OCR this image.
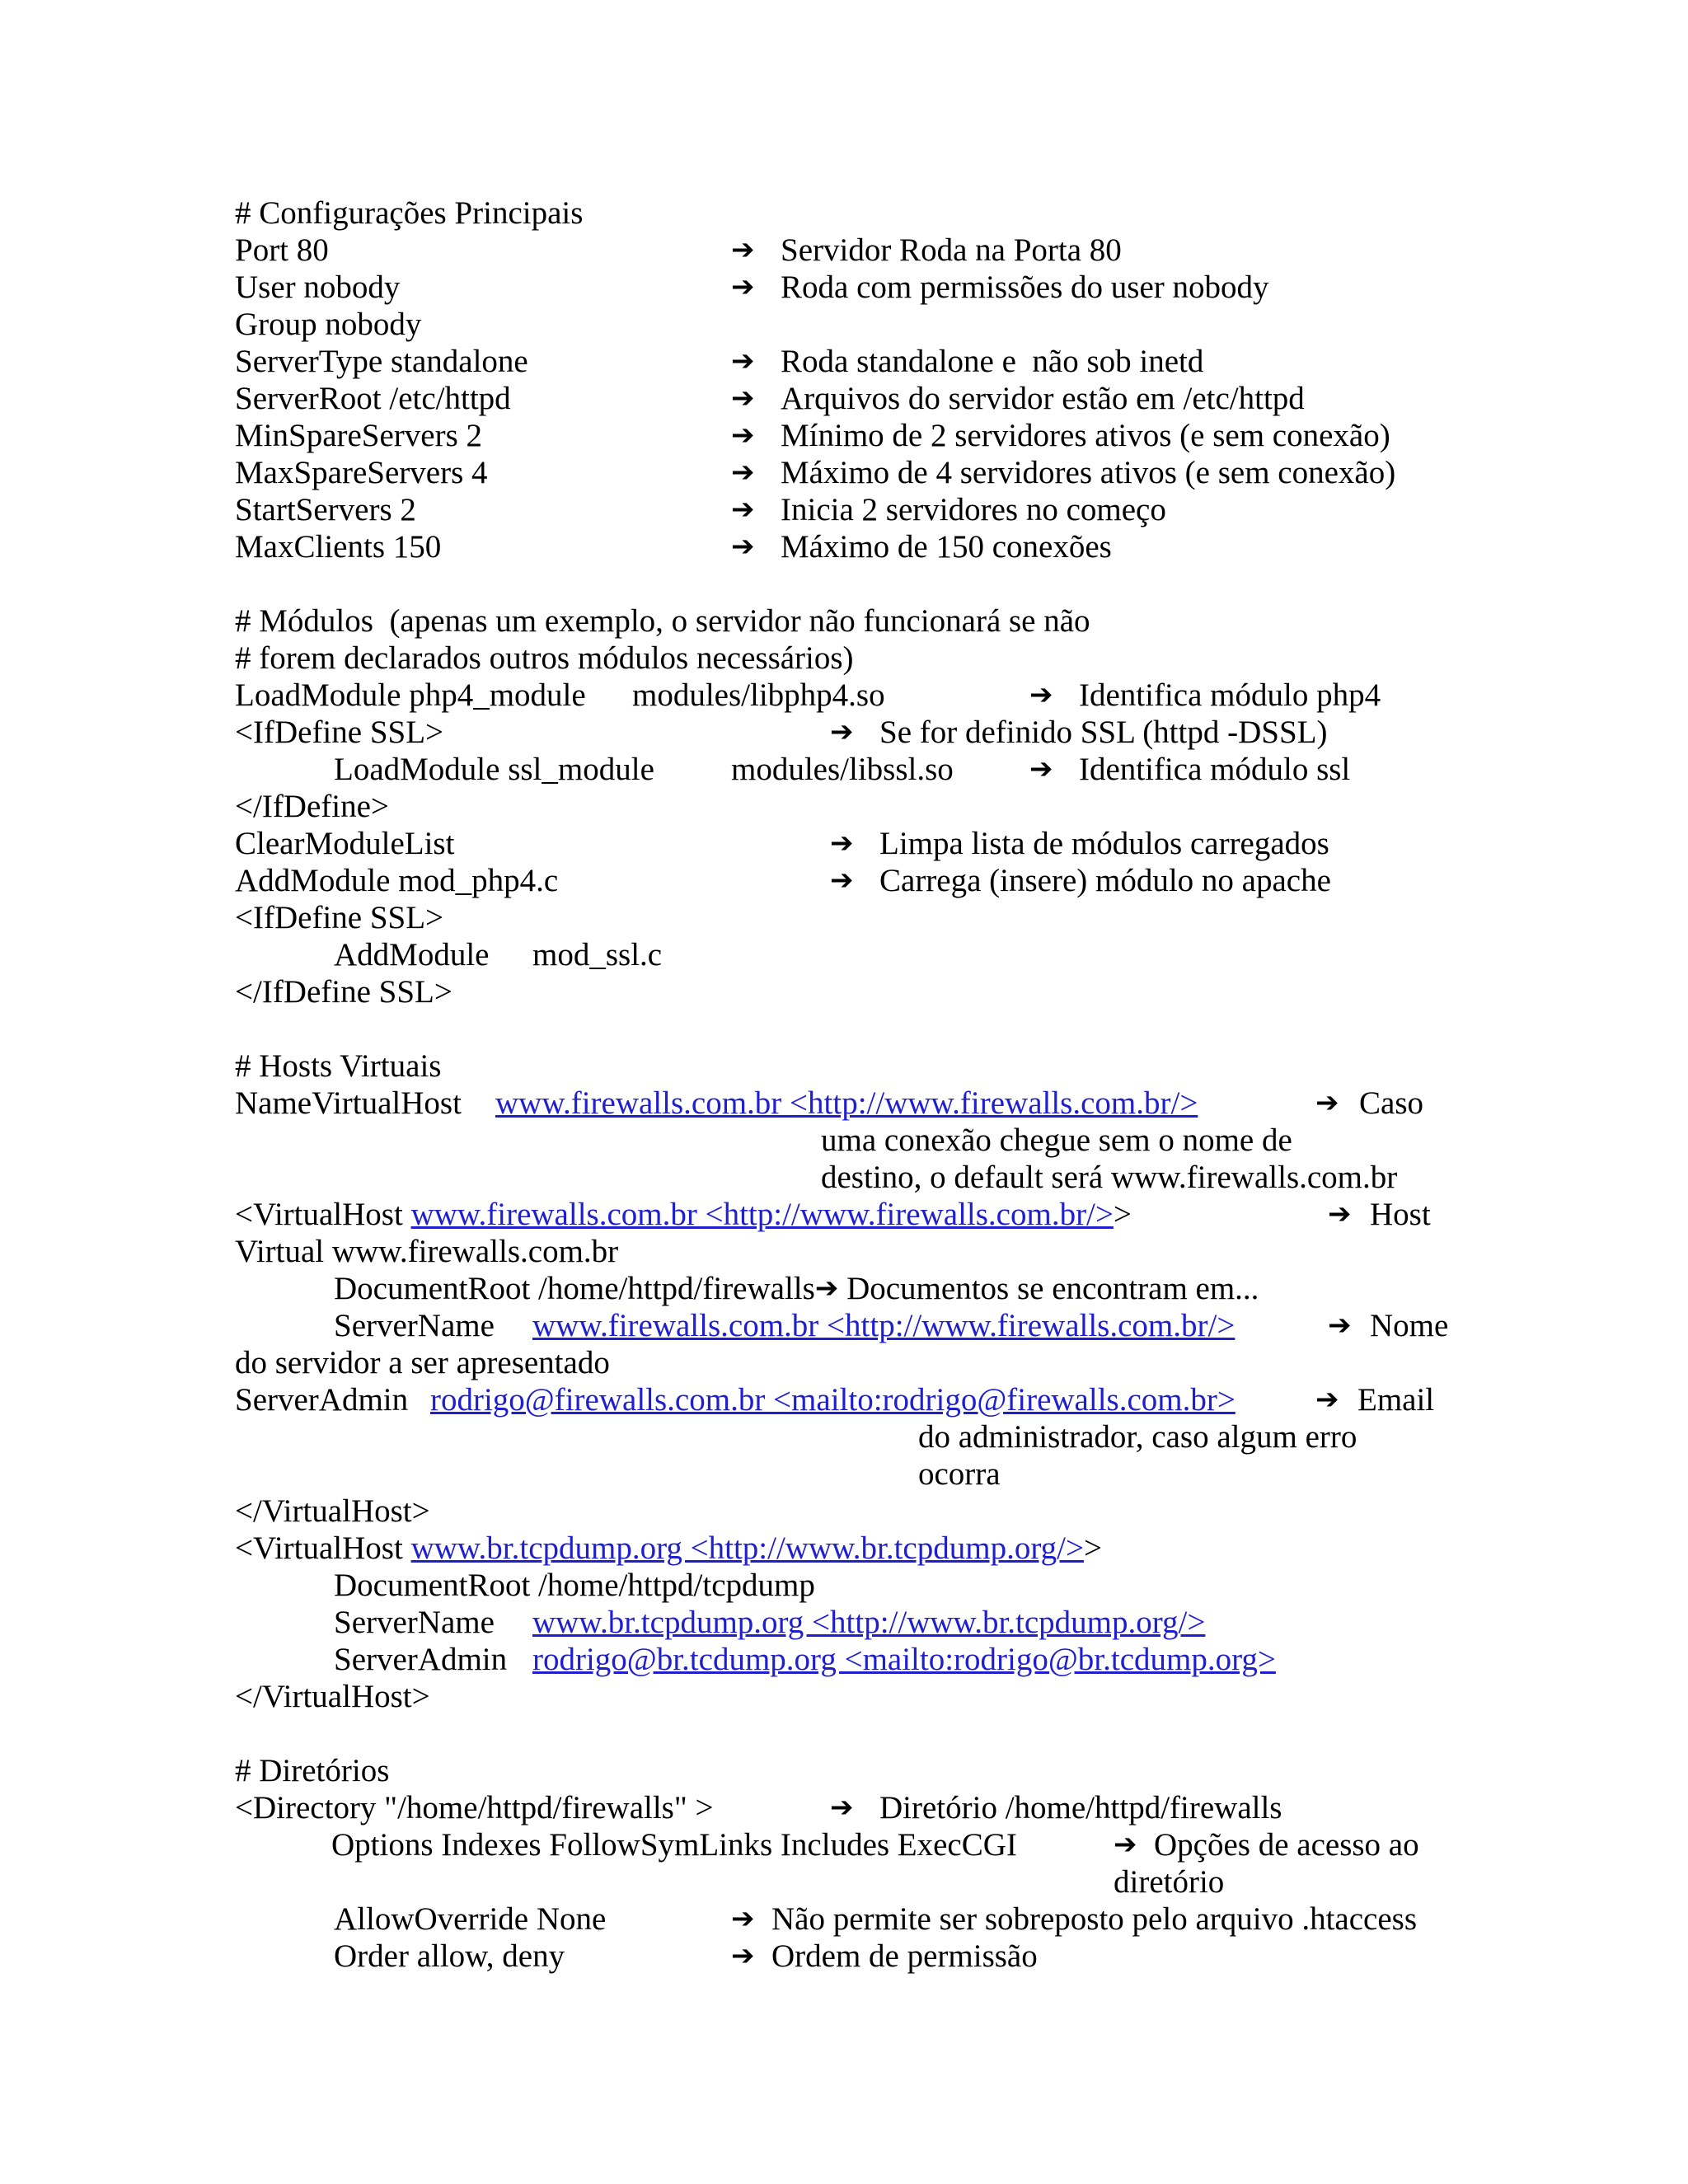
# Configurações Principais
Port 80	➔ Servidor Roda na Porta 80
User nobody	➔ Roda com permissões do user nobody
Group nobody
ServerType standalone	➔ Roda standalone e  não sob inetd
ServerRoot /etc/httpd	➔ Arquivos do servidor estão em /etc/httpd
MinSpareServers 2	➔ Mínimo de 2 servidores ativos (e sem conexão)
MaxSpareServers 4	➔ Máximo de 4 servidores ativos (e sem conexão)
StartServers 2	➔ Inicia 2 servidores no começo
MaxClients 150	➔ Máximo de 150 conexões
# Módulos  (apenas um exemplo, o servidor não funcionará se não
# forem declarados outros módulos necessários)
LoadModule php4_module modules/libphp4.so	➔ Identifica módulo php4
<IfDefine SSL>	➔ Se for definido SSL (httpd -DSSL)
LoadModule ssl_module modules/libssl.so	➔ Identifica módulo ssl
</IfDefine>
ClearModuleList	➔ Limpa lista de módulos carregados
AddModule mod_php4.c	➔ Carrega (insere) módulo no apache
<IfDefine SSL>
AddModule mod_ssl.c
</IfDefine SSL>
# Hosts Virtuais
NameVirtualHost www.firewalls.com.br <http://www.firewalls.com.br/>	➔ Caso
uma conexão chegue sem o nome de
destino, o default será www.firewalls.com.br
<VirtualHost www.firewalls.com.br <http://www.firewalls.com.br/>>	➔ Host
Virtual www.firewalls.com.br
DocumentRoot /home/httpd/firewalls➔ Documentos se encontram em...
ServerName www.firewalls.com.br <http://www.firewalls.com.br/>	➔ Nome
do servidor a ser apresentado
ServerAdmin rodrigo@firewalls.com.br <mailto:rodrigo@firewalls.com.br>	➔ Email
do administrador, caso algum erro
ocorra
</VirtualHost>
<VirtualHost www.br.tcpdump.org <http://www.br.tcpdump.org/>>
DocumentRoot /home/httpd/tcpdump
ServerName www.br.tcpdump.org <http://www.br.tcpdump.org/>
ServerAdmin rodrigo@br.tcdump.org <mailto:rodrigo@br.tcdump.org>
</VirtualHost>
# Diretórios
<Directory "/home/httpd/firewalls" >	➔ Diretório /home/httpd/firewalls
Options Indexes FollowSymLinks Includes ExecCGI	➔ Opções de acesso ao
diretório
AllowOverride None	➔ Não permite ser sobreposto pelo arquivo .htaccess
Order allow, deny	➔ Ordem de permissão
